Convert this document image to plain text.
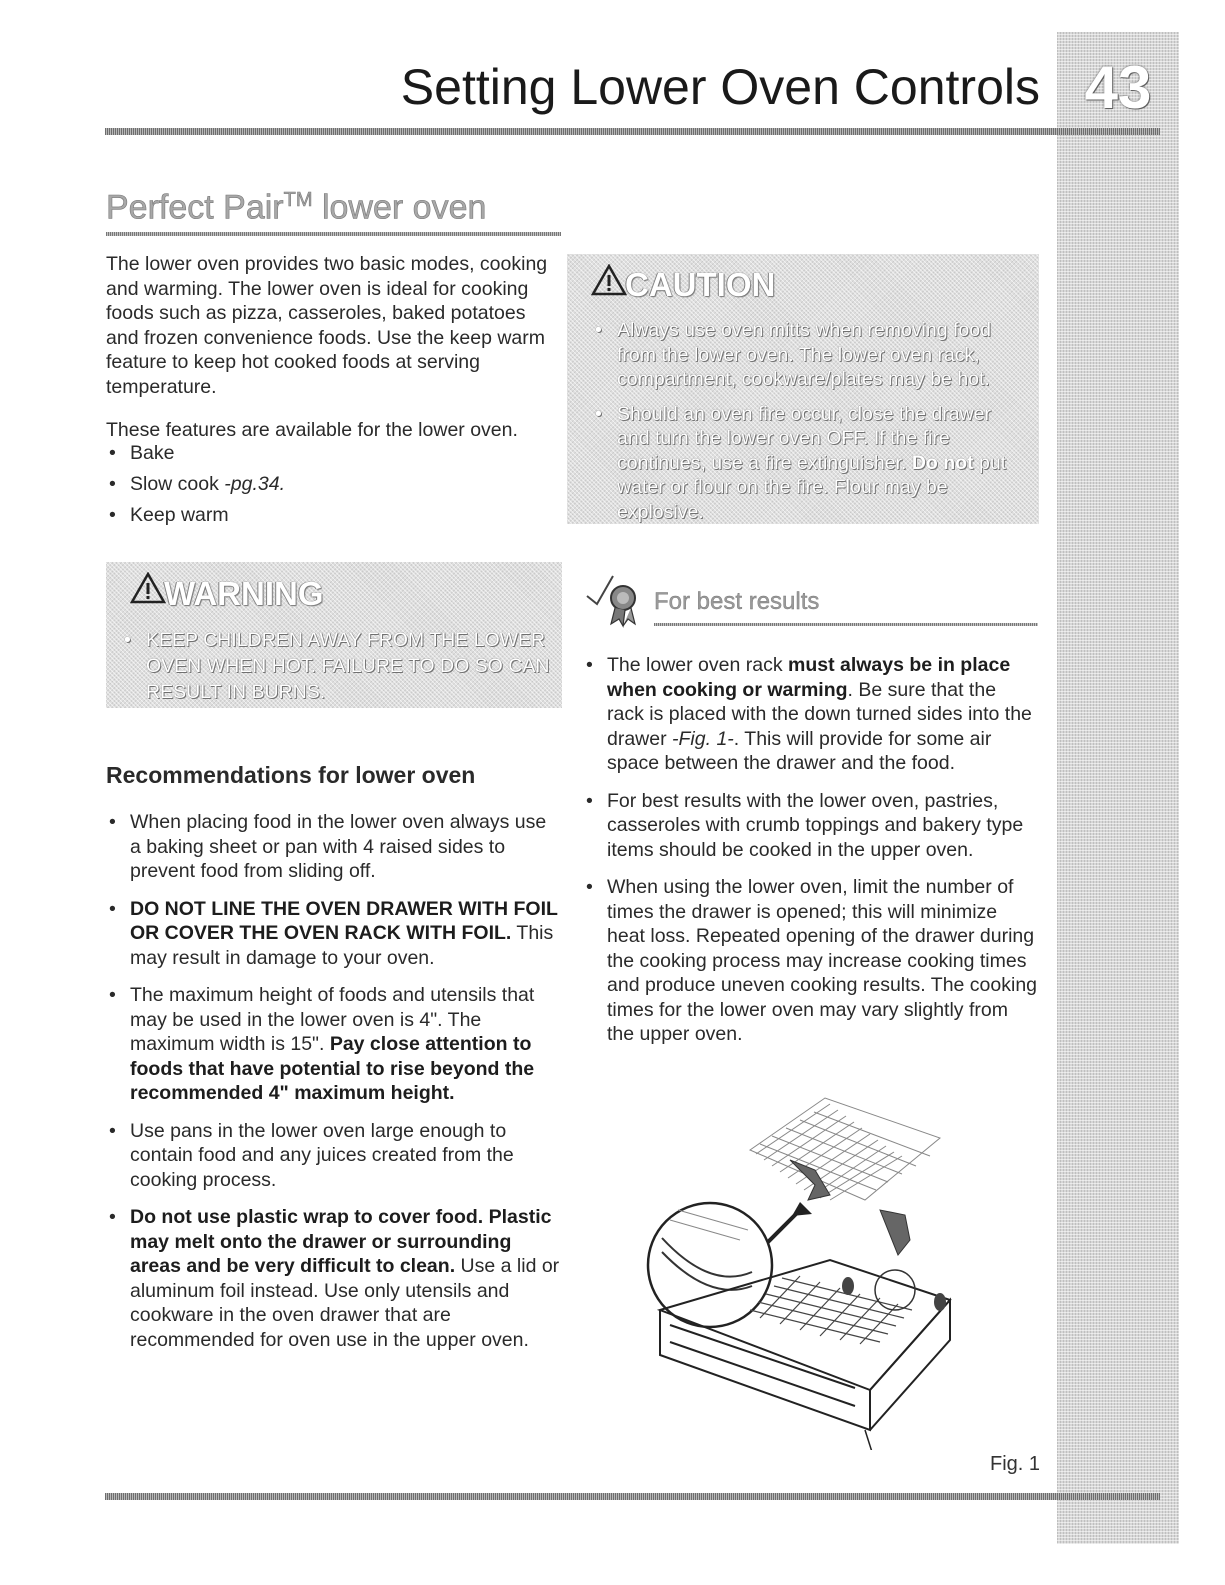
43
Setting Lower Oven Controls
Perfect Pair™ lower oven

The lower oven provides two basic modes, cooking and warming. The lower oven is ideal for cooking foods such as pizza, casseroles, baked potatoes and frozen convenience foods. Use the keep warm feature to keep hot cooked foods at serving temperature.

These features are available for the lower oven.

• Bake
• Slow cook -pg.34.
• Keep warm
CAUTION
• Always use oven mitts when removing food from the lower oven. The lower oven rack, compartment, cookware/plates may be hot.
• Should an oven fire occur, close the drawer and turn the lower oven OFF. If the fire continues, use a fire extinguisher. Do not put water or flour on the fire. Flour may be explosive.
WARNING
• KEEP CHILDREN AWAY FROM THE LOWER OVEN WHEN HOT. FAILURE TO DO SO CAN RESULT IN BURNS.
Recommendations for lower oven
• When placing food in the lower oven always use a baking sheet or pan with 4 raised sides to prevent food from sliding off.
• DO NOT LINE THE OVEN DRAWER WITH FOIL OR COVER THE OVEN RACK WITH FOIL. This may result in damage to your oven.
• The maximum height of foods and utensils that may be used in the lower oven is 4". The maximum width is 15". Pay close attention to foods that have potential to rise beyond the recommended 4" maximum height.
• Use pans in the lower oven large enough to contain food and any juices created from the cooking process.
• Do not use plastic wrap to cover food. Plastic may melt onto the drawer or surrounding areas and be very difficult to clean. Use a lid or aluminum foil instead. Use only utensils and cookware in the oven drawer that are recommended for oven use in the upper oven.
For best results
• The lower oven rack must always be in place when cooking or warming. Be sure that the rack is placed with the down turned sides into the drawer -Fig. 1-. This will provide for some air space between the drawer and the food.
• For best results with the lower oven, pastries, casseroles with crumb toppings and bakery type items should be cooked in the upper oven.
• When using the lower oven, limit the number of times the drawer is opened; this will minimize heat loss. Repeated opening of the drawer during the cooking process may increase cooking times and produce uneven cooking results. The cooking times for the lower oven may vary slightly from the upper oven.
Fig. 1
